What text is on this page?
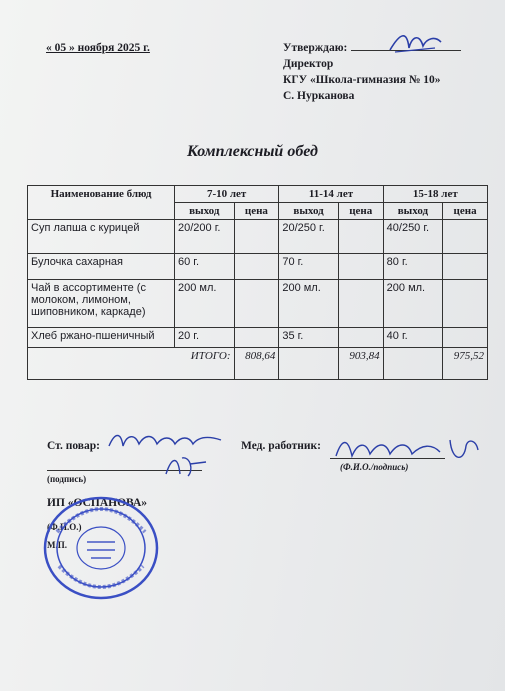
« 05 » ноября 2025 г.	Утверждаю:
Директор
КГУ «Школа-гимназия № 10»
С. Нурканова
Комплексный обед
Наименование блюд	7-10 лет		11-14 лет		15-18 лет	
	выход	цена	выход	цена	выход	цена
Суп лапша с курицей	20/200 г.		20/250 г.		40/250 г.	
Булочка сахарная	60 г.		70 г.		80 г.	
Чай в ассортименте (с молоком, лимоном, шиповником, каркаде)	200 мл.		200 мл.		200 мл.	
Хлеб ржано-пшеничный	20 г.		35 г.		40 г.	
ИТОГО:		808,64		903,84		975,52
Ст. повар:
(подпись)
Мед. работник:
(Ф.И.О./подпись)
ИП «ОСПАНОВА»
(Ф.И.О.)
М.П.
